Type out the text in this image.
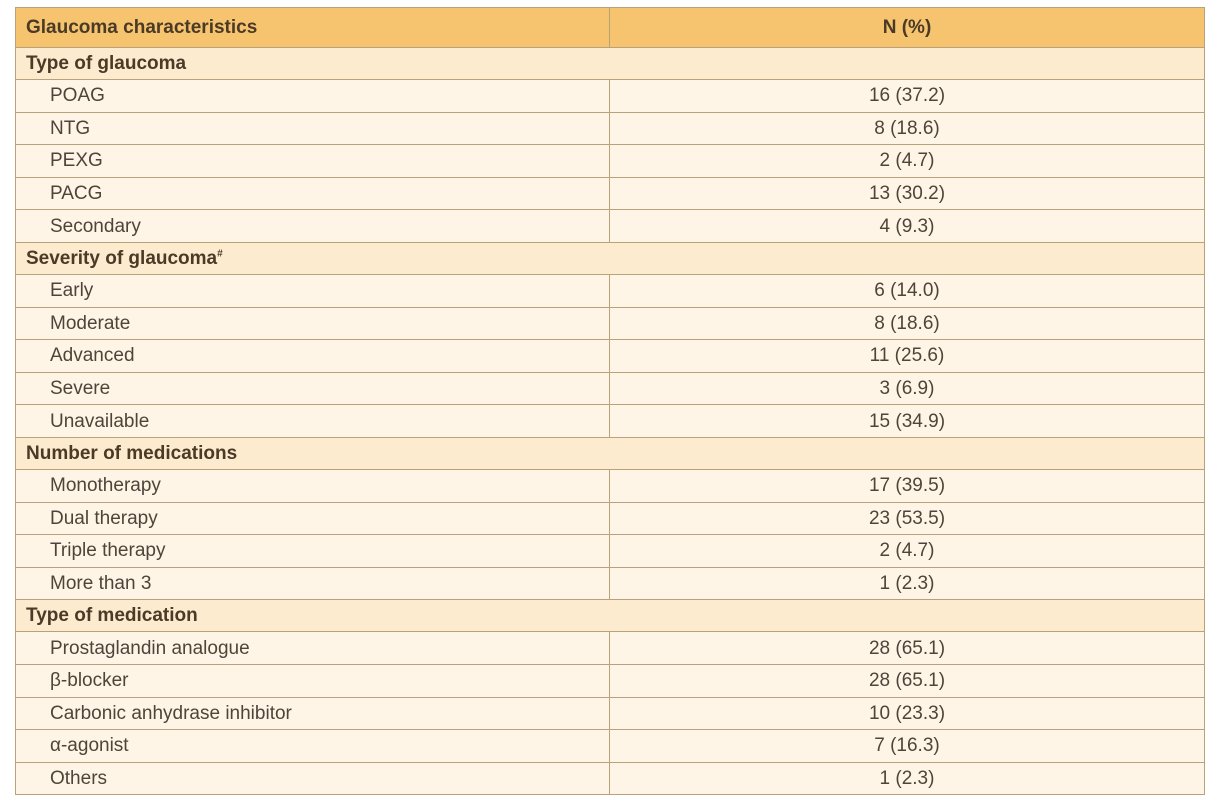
Glaucoma characteristics	N (%)
Type of glaucoma	
POAG	16 (37.2)
NTG	8 (18.6)
PEXG	2 (4.7)
PACG	13 (30.2)
Secondary	4 (9.3)
Severity of glaucoma#
Early	6 (14.0)
Moderate	8 (18.6)
Advanced	11 (25.6)
Severe	3 (6.9)
Unavailable	15 (34.9)
Number of medications	
Monotherapy	17 (39.5)
Dual therapy	23 (53.5)
Triple therapy	2 (4.7)
More than 3	1 (2.3)
Type of medication	
Prostaglandin analogue	28 (65.1)
β-blocker	28 (65.1)
Carbonic anhydrase inhibitor	10 (23.3)
α-agonist	7 (16.3)
Others	1 (2.3)
